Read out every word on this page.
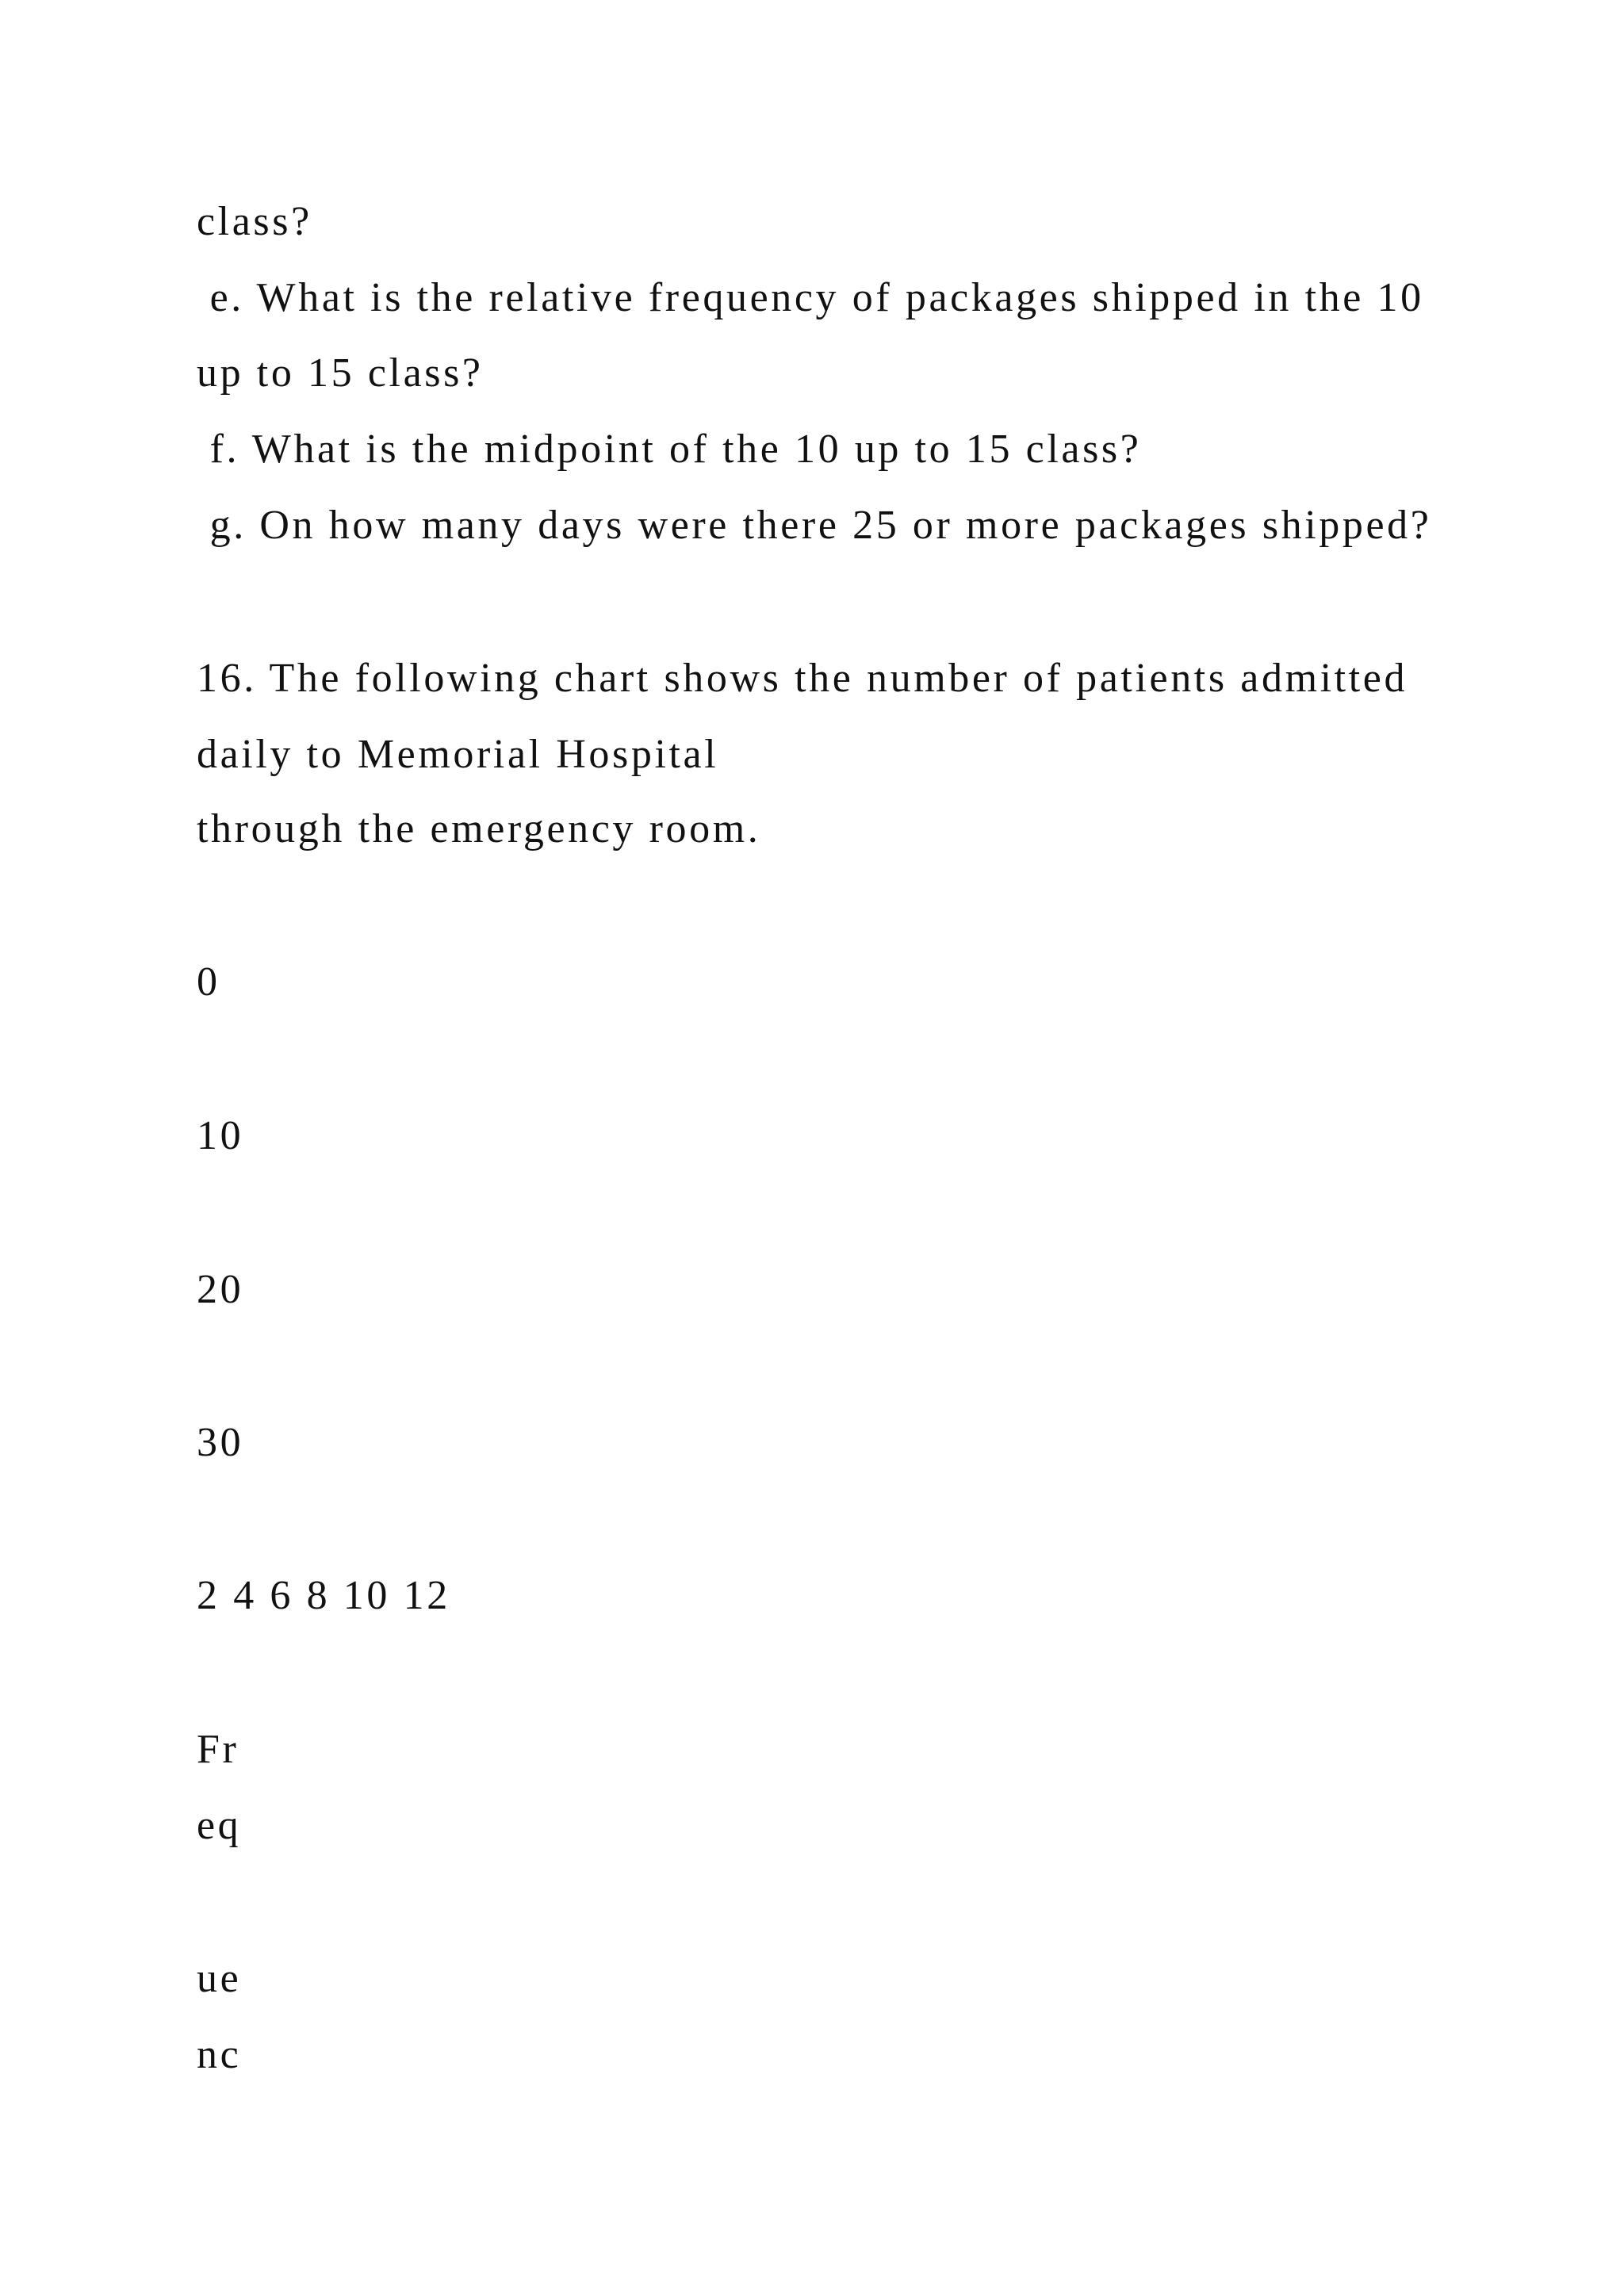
class?
e. What is the relative frequency of packages shipped in the 10
up to 15 class?
f. What is the midpoint of the 10 up to 15 class?
g. On how many days were there 25 or more packages shipped?
16. The following chart shows the number of patients admitted
daily to Memorial Hospital
through the emergency room.
0
10
20
30
2 4 6 8 10 12
Fr
eq
ue
nc
